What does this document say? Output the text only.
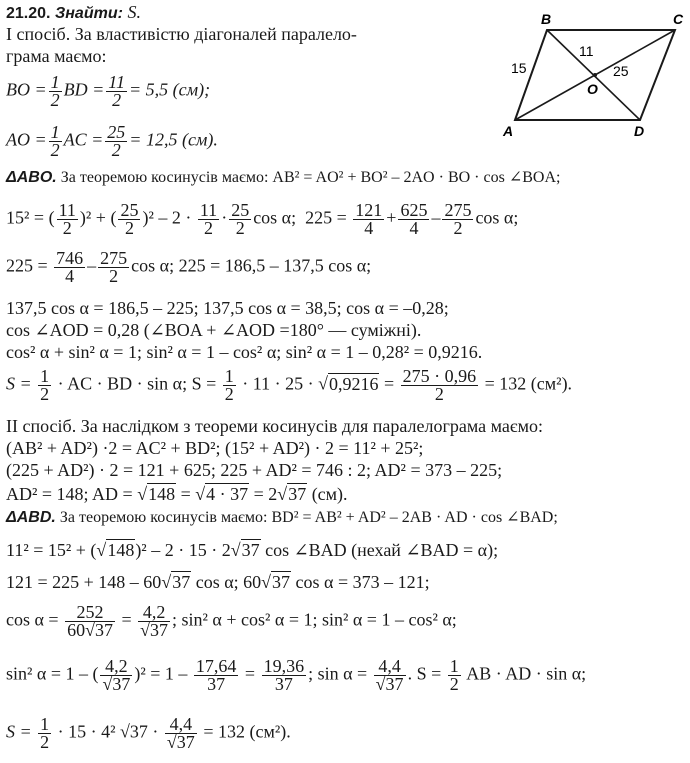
21.20. Знайти: S.
І спосіб. За властивістю діагоналей паралело-
грама маємо:
BO = $\frac{1}{2}$ BD = $\frac{11}{2} = 5,5$ (см);
AO = $\frac{1}{2}$ AC = $\frac{25}{2} = 12,5$ (см).
ΔABO. За теоремою косинусів маємо: AB² = AO² + BO² – 2AO · BO · cos ∠BOA;
15² = ( $\frac{11}{2} )^2$ + ( $\frac{25}{2} )^2 - 2 \cdot \frac{11}{2} \cdot \frac{25}{2}$ cos α; $225 = \frac{121}{4} + \frac{625}{4} - \frac{275}{2}$ cos α;
$225 = \frac{746}{4} - \frac{275}{2}$ cos α; 225 = 186,5 – 137,5 cos α;
137,5 cos α = 186,5 – 225; 137,5 cos α = 38,5; cos α = –0,28;
cos ∠AOD = 0,28 (∠BOA + ∠AOD =180° — суміжні).
cos² α + sin² α = 1; sin² α = 1 – cos² α; sin² α = 1 – 0,28² = 0,9216.
$S = \frac{1}{2}$ · AC · BD · sin α; $S = \frac{1}{2} \cdot 11 \cdot 25 \cdot √0,9216 = \frac{275 \cdot 0,96}{2} = 132$ (см²).
ІІ спосіб. За наслідком з теореми косинусів для паралелограма маємо:
(AB² + AD²) ·2 = AC² + BD²; (15² + AD²) · 2 = 11² + 25²;
(225 + AD²) · 2 = 121 + 625; 225 + AD² = 746 : 2; AD² = 373 – 225;
AD² = 148; AD = √148 = √4 · 37 = 2√37 (см).
ΔABD. За теоремою косинусів маємо: BD² = AB² + AD² – 2AB · AD · cos ∠BAD;
11² = 15² + (√148)² – 2 · 15 · 2√37 cos ∠BAD (нехай ∠BAD = α);
121 = 225 + 148 – 60√37 cos α; 60√37 cos α = 373 – 121;
$\cos \alpha = \frac{252}{60√37} = \frac{4,2}{√37}$ ; sin² α + cos² α = 1; sin² α = 1 – cos² α;
sin² α = 1 – ( $\frac{4,2}{√37} )^2 = 1 - \frac{17,64}{37} = \frac{19,36}{37}$ ; $\sin \alpha = \frac{4,4}{√37}$ . $S = \frac{1}{2}$ AB · AD · sin α;
$S = \frac{1}{2} \cdot 15 \cdot 4^2$ $√37 \cdot \frac{4,4}{√37} = 132$ (см²).
A
B	C
D
O
15
11
25
